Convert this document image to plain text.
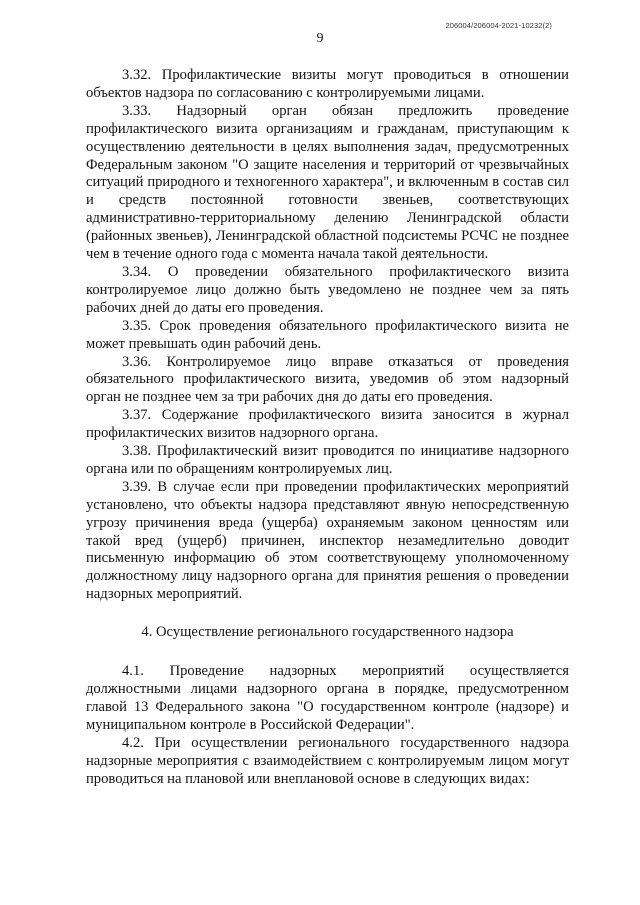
206004/206004-2021-10232(2)
9

3.32. Профилактические визиты могут проводиться в отношении объектов надзора по согласованию с контролируемыми лицами.

3.33. Надзорный орган обязан предложить проведение профилактического визита организациям и гражданам, приступающим к осуществлению деятельности в целях выполнения задач, предусмотренных Федеральным законом "О защите населения и территорий от чрезвычайных ситуаций природного и техногенного характера", и включенным в состав сил и средств постоянной готовности звеньев, соответствующих административно-территориальному делению Ленинградской области (районных звеньев), Ленинградской областной подсистемы РСЧС не позднее чем в течение одного года с момента начала такой деятельности.

3.34. О проведении обязательного профилактического визита контролируемое лицо должно быть уведомлено не позднее чем за пять рабочих дней до даты его проведения.

3.35. Срок проведения обязательного профилактического визита не может превышать один рабочий день.

3.36. Контролируемое лицо вправе отказаться от проведения обязательного профилактического визита, уведомив об этом надзорный орган не позднее чем за три рабочих дня до даты его проведения.

3.37. Содержание профилактического визита заносится в журнал профилактических визитов надзорного органа.

3.38. Профилактический визит проводится по инициативе надзорного органа или по обращениям контролируемых лиц.

3.39. В случае если при проведении профилактических мероприятий установлено, что объекты надзора представляют явную непосредственную угрозу причинения вреда (ущерба) охраняемым законом ценностям или такой вред (ущерб) причинен, инспектор незамедлительно доводит письменную информацию об этом соответствующему уполномоченному должностному лицу надзорного органа для принятия решения о проведении надзорных мероприятий.

4. Осуществление регионального государственного надзора

4.1. Проведение надзорных мероприятий осуществляется должностными лицами надзорного органа в порядке, предусмотренном главой 13 Федерального закона "О государственном контроле (надзоре) и муниципальном контроле в Российской Федерации".

4.2. При осуществлении регионального государственного надзора надзорные мероприятия с взаимодействием с контролируемым лицом могут проводиться на плановой или внеплановой основе в следующих видах:
